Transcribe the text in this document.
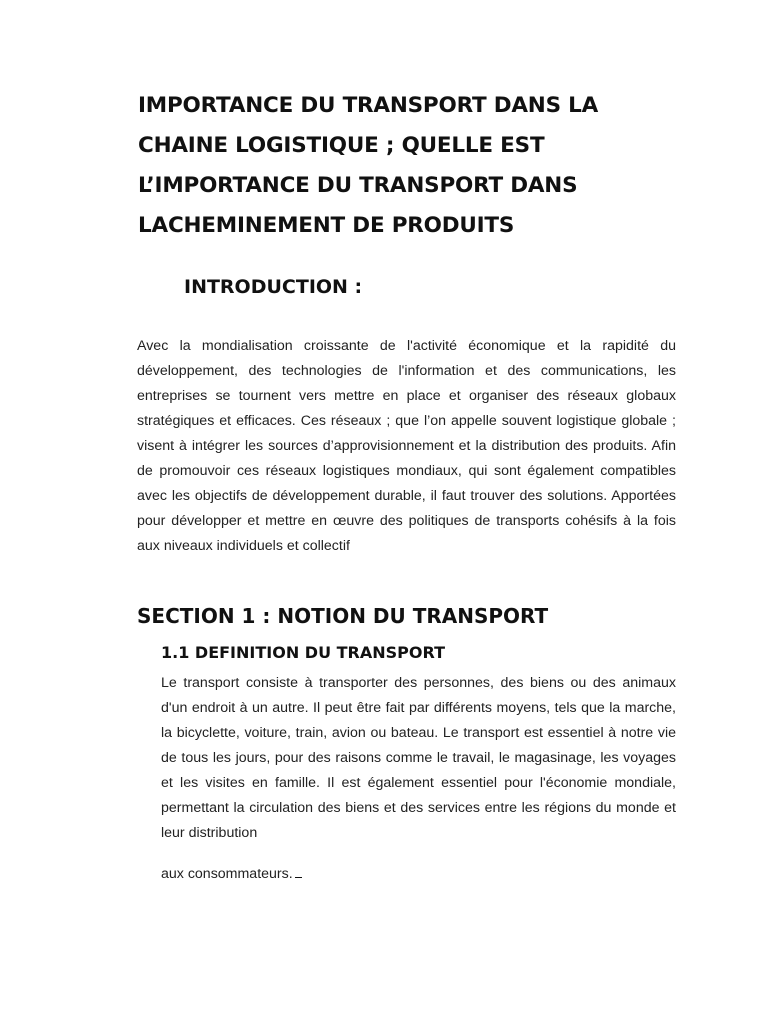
IMPORTANCE DU TRANSPORT DANS LA CHAINE LOGISTIQUE ; QUELLE EST L’IMPORTANCE DU TRANSPORT DANS LACHEMINEMENT DE PRODUITS
INTRODUCTION :

Avec la mondialisation croissante de l'activité économique et la rapidité du développement, des technologies de l'information et des communications, les entreprises se tournent vers mettre en place et organiser des réseaux globaux stratégiques et efficaces. Ces réseaux ; que l’on appelle souvent logistique globale ; visent à intégrer les sources d’approvisionnement et la distribution des produits. Afin de promouvoir ces réseaux logistiques mondiaux, qui sont également compatibles avec les objectifs de développement durable, il faut trouver des solutions. Apportées pour développer et mettre en œuvre des politiques de transports cohésifs à la fois aux niveaux individuels et collectif

SECTION 1 : NOTION DU TRANSPORT
1.1 DEFINITION DU TRANSPORT

Le transport consiste à transporter des personnes, des biens ou des animaux d'un endroit à un autre. Il peut être fait par différents moyens, tels que la marche, la bicyclette, voiture, train, avion ou bateau. Le transport est essentiel à notre vie de tous les jours, pour des raisons comme le travail, le magasinage, les voyages et les visites en famille. Il est également essentiel pour l'économie mondiale, permettant la circulation des biens et des services entre les régions du monde et leur distribution

aux consommateurs.
